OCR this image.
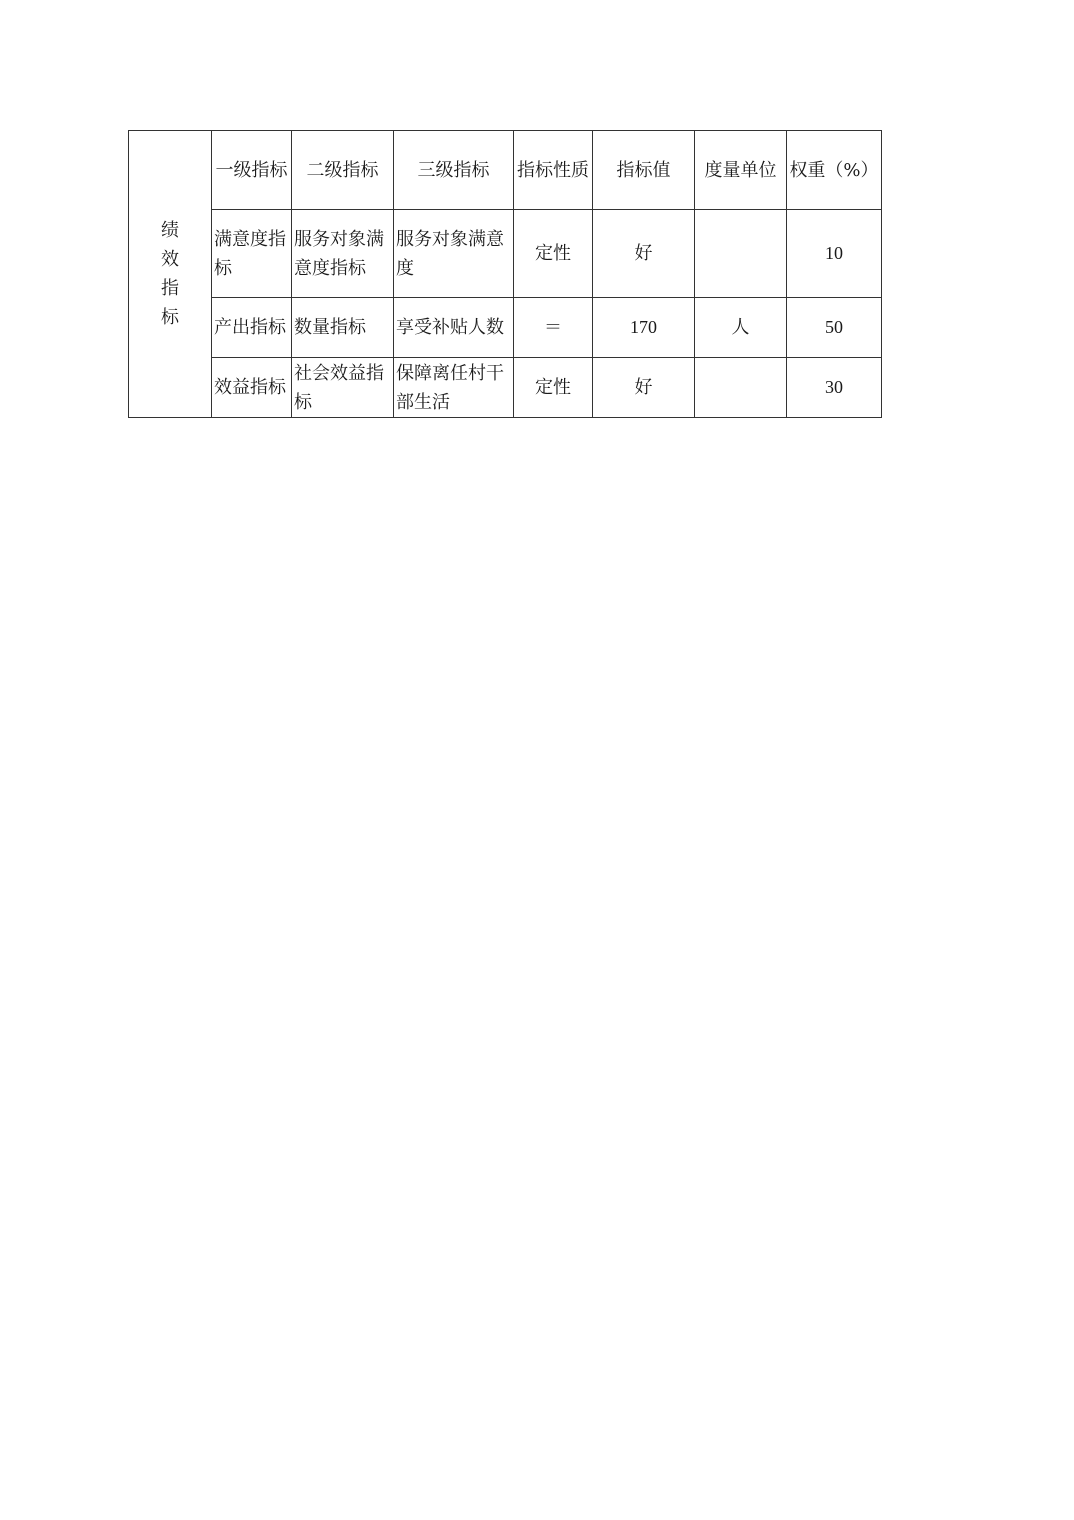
绩
效
指
标	一级指标	二级指标	三级指标	指标性质	指标值	度量单位	权重（%）
	满意度指标	服务对象满意度指标	服务对象满意度	定性	好		10
	产出指标	数量指标	享受补贴人数	＝	170	人	50
	效益指标	社会效益指标	保障离任村干部生活	定性	好		30
